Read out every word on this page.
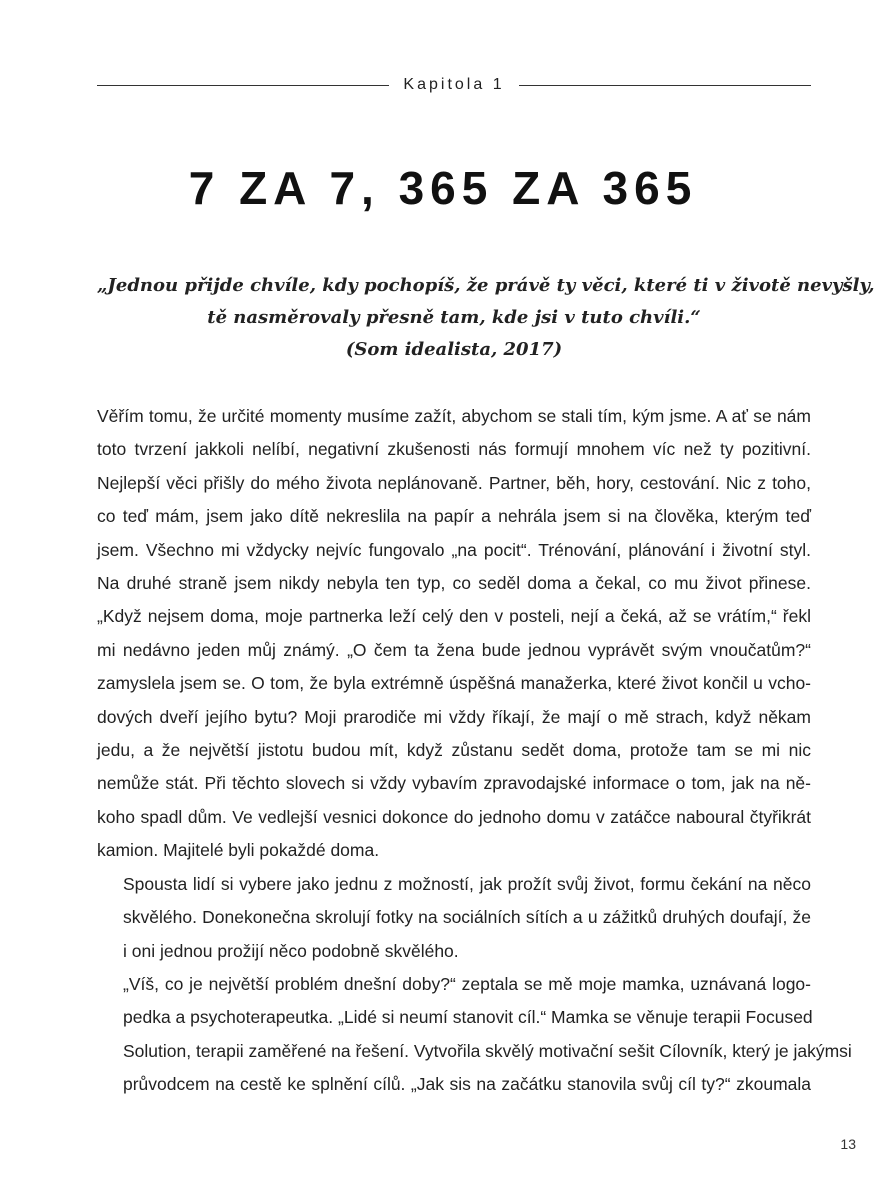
Kapitola 1
7 ZA 7, 365 ZA 365
„Jednou přijde chvíle, kdy pochopíš, že právě ty věci, které ti v životě nevyšly,
tě nasměrovaly přesně tam, kde jsi v tuto chvíli.“
(Som idealista, 2017)

Věřím tomu, že určité momenty musíme zažít, abychom se stali tím, kým jsme. A ať se nám
toto tvrzení jakkoli nelíbí, negativní zkušenosti nás formují mnohem víc než ty pozitivní.
Nejlepší věci přišly do mého života neplánovaně. Partner, běh, hory, cestování. Nic z toho,
co teď mám, jsem jako dítě nekreslila na papír a nehrála jsem si na člověka, kterým teď
jsem. Všechno mi vždycky nejvíc fungovalo „na pocit“. Trénování, plánování i životní styl.
Na druhé straně jsem nikdy nebyla ten typ, co seděl doma a čekal, co mu život přinese.
„Když nejsem doma, moje partnerka leží celý den v posteli, nejí a čeká, až se vrátím,“ řekl
mi nedávno jeden můj známý. „O čem ta žena bude jednou vyprávět svým vnoučatům?“
zamyslela jsem se. O tom, že byla extrémně úspěšná manažerka, které život končil u vcho-
dových dveří jejího bytu? Moji prarodiče mi vždy říkají, že mají o mě strach, když někam
jedu, a že největší jistotu budou mít, když zůstanu sedět doma, protože tam se mi nic
nemůže stát. Při těchto slovech si vždy vybavím zpravodajské informace o tom, jak na ně-
koho spadl dům. Ve vedlejší vesnici dokonce do jednoho domu v zatáčce naboural čtyřikrát
kamion. Majitelé byli pokaždé doma.

Spousta lidí si vybere jako jednu z možností, jak prožít svůj život, formu čekání na něco
skvělého. Donekonečna skrolují fotky na sociálních sítích a u zážitků druhých doufají, že
i oni jednou prožijí něco podobně skvělého.

„Víš, co je největší problém dnešní doby?“ zeptala se mě moje mamka, uznávaná logo-
pedka a psychoterapeutka. „Lidé si neumí stanovit cíl.“ Mamka se věnuje terapii Focused
Solution, terapii zaměřené na řešení. Vytvořila skvělý motivační sešit Cílovník, který je jakýmsi
průvodcem na cestě ke splnění cílů. „Jak sis na začátku stanovila svůj cíl ty?“ zkoumala

13
